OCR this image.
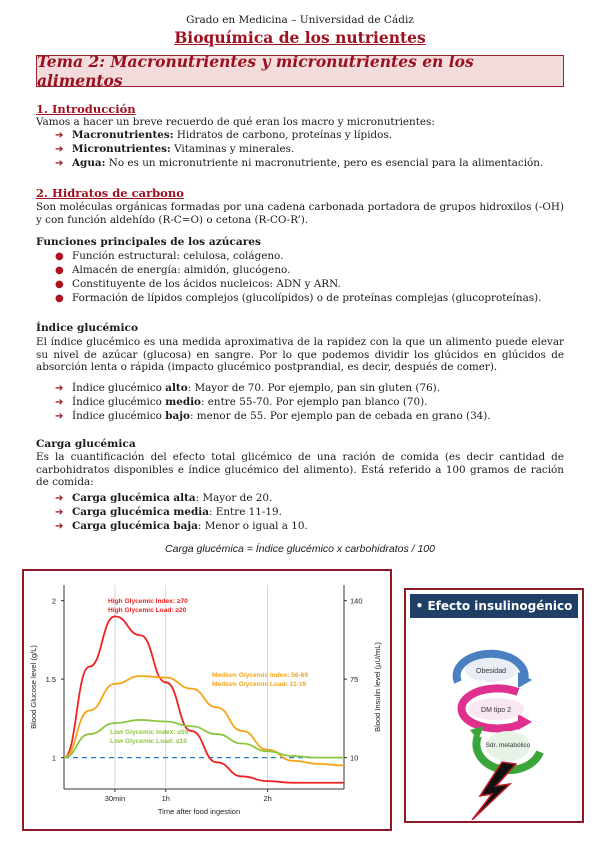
Grado en Medicina – Universidad de Cádiz
Bioquímica de los nutrientes
Tema 2: Macronutrientes y micronutrientes en los alimentos
1. Introducción
Vamos a hacer un breve recuerdo de qué eran los macro y micronutrientes:
➔ Macronutrientes: Hidratos de carbono, proteínas y lípidos.
➔ Micronutrientes: Vitaminas y minerales.
➔ Agua: No es un micronutriente ni macronutriente, pero es esencial para la alimentación.
2. Hidratos de carbono
Son moléculas orgánicas formadas por una cadena carbonada portadora de grupos hidroxilos (-OH) y con función aldehído (R-C=O) o cetona (R-CO-R’).
Funciones principales de los azúcares
● Función estructural: celulosa, colágeno.
● Almacén de energía: almidón, glucógeno.
● Constituyente de los ácidos nucleicos: ADN y ARN.
● Formación de lípidos complejos (glucolípidos) o de proteínas complejas (glucoproteínas).
Índice glucémico
El índice glucémico es una medida aproximativa de la rapidez con la que un alimento puede elevar su nivel de azúcar (glucosa) en sangre. Por lo que podemos dividir los glúcidos en glúcidos de absorción lenta o rápida (impacto glucémico postprandial, es decir, después de comer).
➔ Índice glucémico alto: Mayor de 70. Por ejemplo, pan sin gluten (76).
➔ Índice glucémico medio: entre 55-70. Por ejemplo pan blanco (70).
➔ Índice glucémico bajo: menor de 55. Por ejemplo pan de cebada en grano (34).
Carga glucémica
Es la cuantificación del efecto total glicémico de una ración de comida (es decir cantidad de carbohidratos disponibles e índice glucémico del alimento). Está referido a 100 gramos de ración de comida:
➔ Carga glucémica alta: Mayor de 20.
➔ Carga glucémica media: Entre 11-19.
➔ Carga glucémica baja: Menor o igual a 10.
Carga glucémica = Índice glucémico x carbohidratos / 100
Blood Glucose level (g/L)	Blood Insulin level (µU/mL)
Time after food ingestion
1	10
1.5	75
2	140
30min	1h	2h
High Glycemic Index: ≥70
High Glycemic Load: ≥20
Medium Glycemic Index: 56-69
Medium Glycemic Load: 11-19
Low Glycemic Index: ≤55
Low Glycemic Load: ≤10
• Efecto insulinogénico
Obesidad
DM tipo 2
Sdr. metabólico
